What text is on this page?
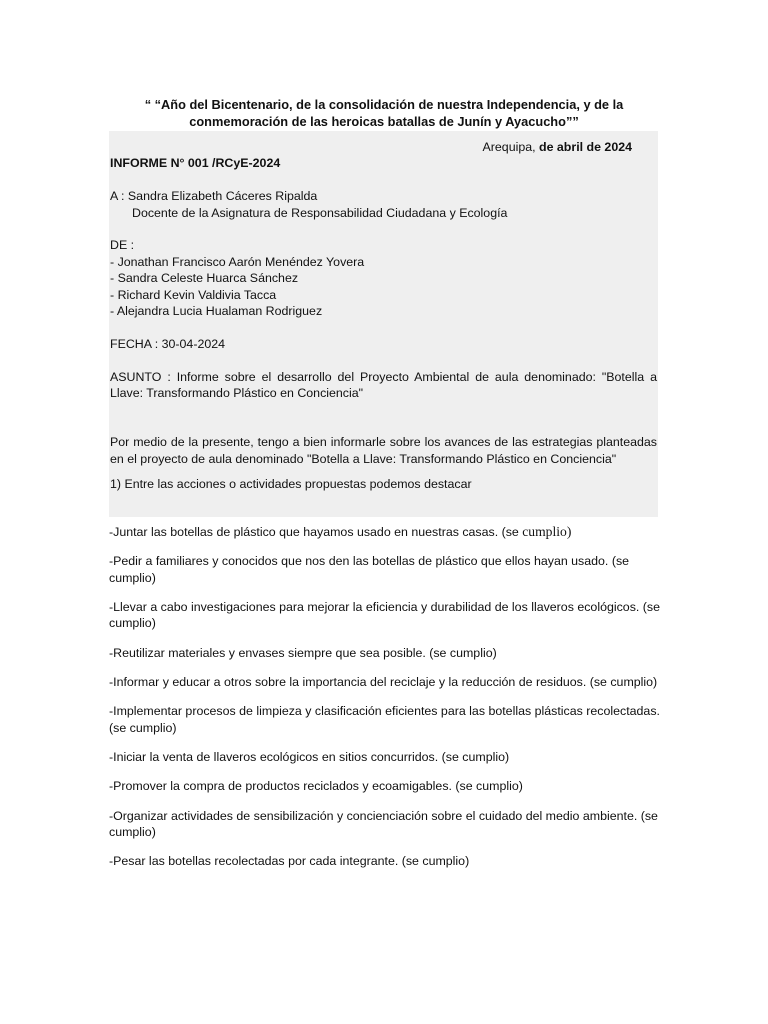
“ “Año del Bicentenario, de la consolidación de nuestra Independencia, y de la conmemoración de las heroicas batallas de Junín y Ayacucho””

Arequipa, de abril de 2024

INFORME N° 001 /RCyE-2024

A : Sandra Elizabeth Cáceres Ripalda

Docente de la Asignatura de Responsabilidad Ciudadana y Ecología

DE :

- Jonathan Francisco Aarón Menéndez Yovera
- Sandra Celeste Huarca Sánchez
- Richard Kevin Valdivia Tacca
- Alejandra Lucia Hualaman Rodriguez

FECHA : 30-04-2024

ASUNTO : Informe sobre el desarrollo del Proyecto Ambiental de aula denominado: "Botella a Llave: Transformando Plástico en Conciencia"

Por medio de la presente, tengo a bien informarle sobre los avances de las estrategias planteadas en el proyecto de aula denominado "Botella a Llave: Transformando Plástico en Conciencia"

1) Entre las acciones o actividades propuestas podemos destacar

-Juntar las botellas de plástico que hayamos usado en nuestras casas. (se cumplio)

-Pedir a familiares y conocidos que nos den las botellas de plástico que ellos hayan usado. (se cumplio)

-Llevar a cabo investigaciones para mejorar la eficiencia y durabilidad de los llaveros ecológicos. (se cumplio)

-Reutilizar materiales y envases siempre que sea posible. (se cumplio)

-Informar y educar a otros sobre la importancia del reciclaje y la reducción de residuos. (se cumplio)

-Implementar procesos de limpieza y clasificación eficientes para las botellas plásticas recolectadas. (se cumplio)

-Iniciar la venta de llaveros ecológicos en sitios concurridos. (se cumplio)

-Promover la compra de productos reciclados y ecoamigables. (se cumplio)

-Organizar actividades de sensibilización y concienciación sobre el cuidado del medio ambiente. (se cumplio)

-Pesar las botellas recolectadas por cada integrante. (se cumplio)
